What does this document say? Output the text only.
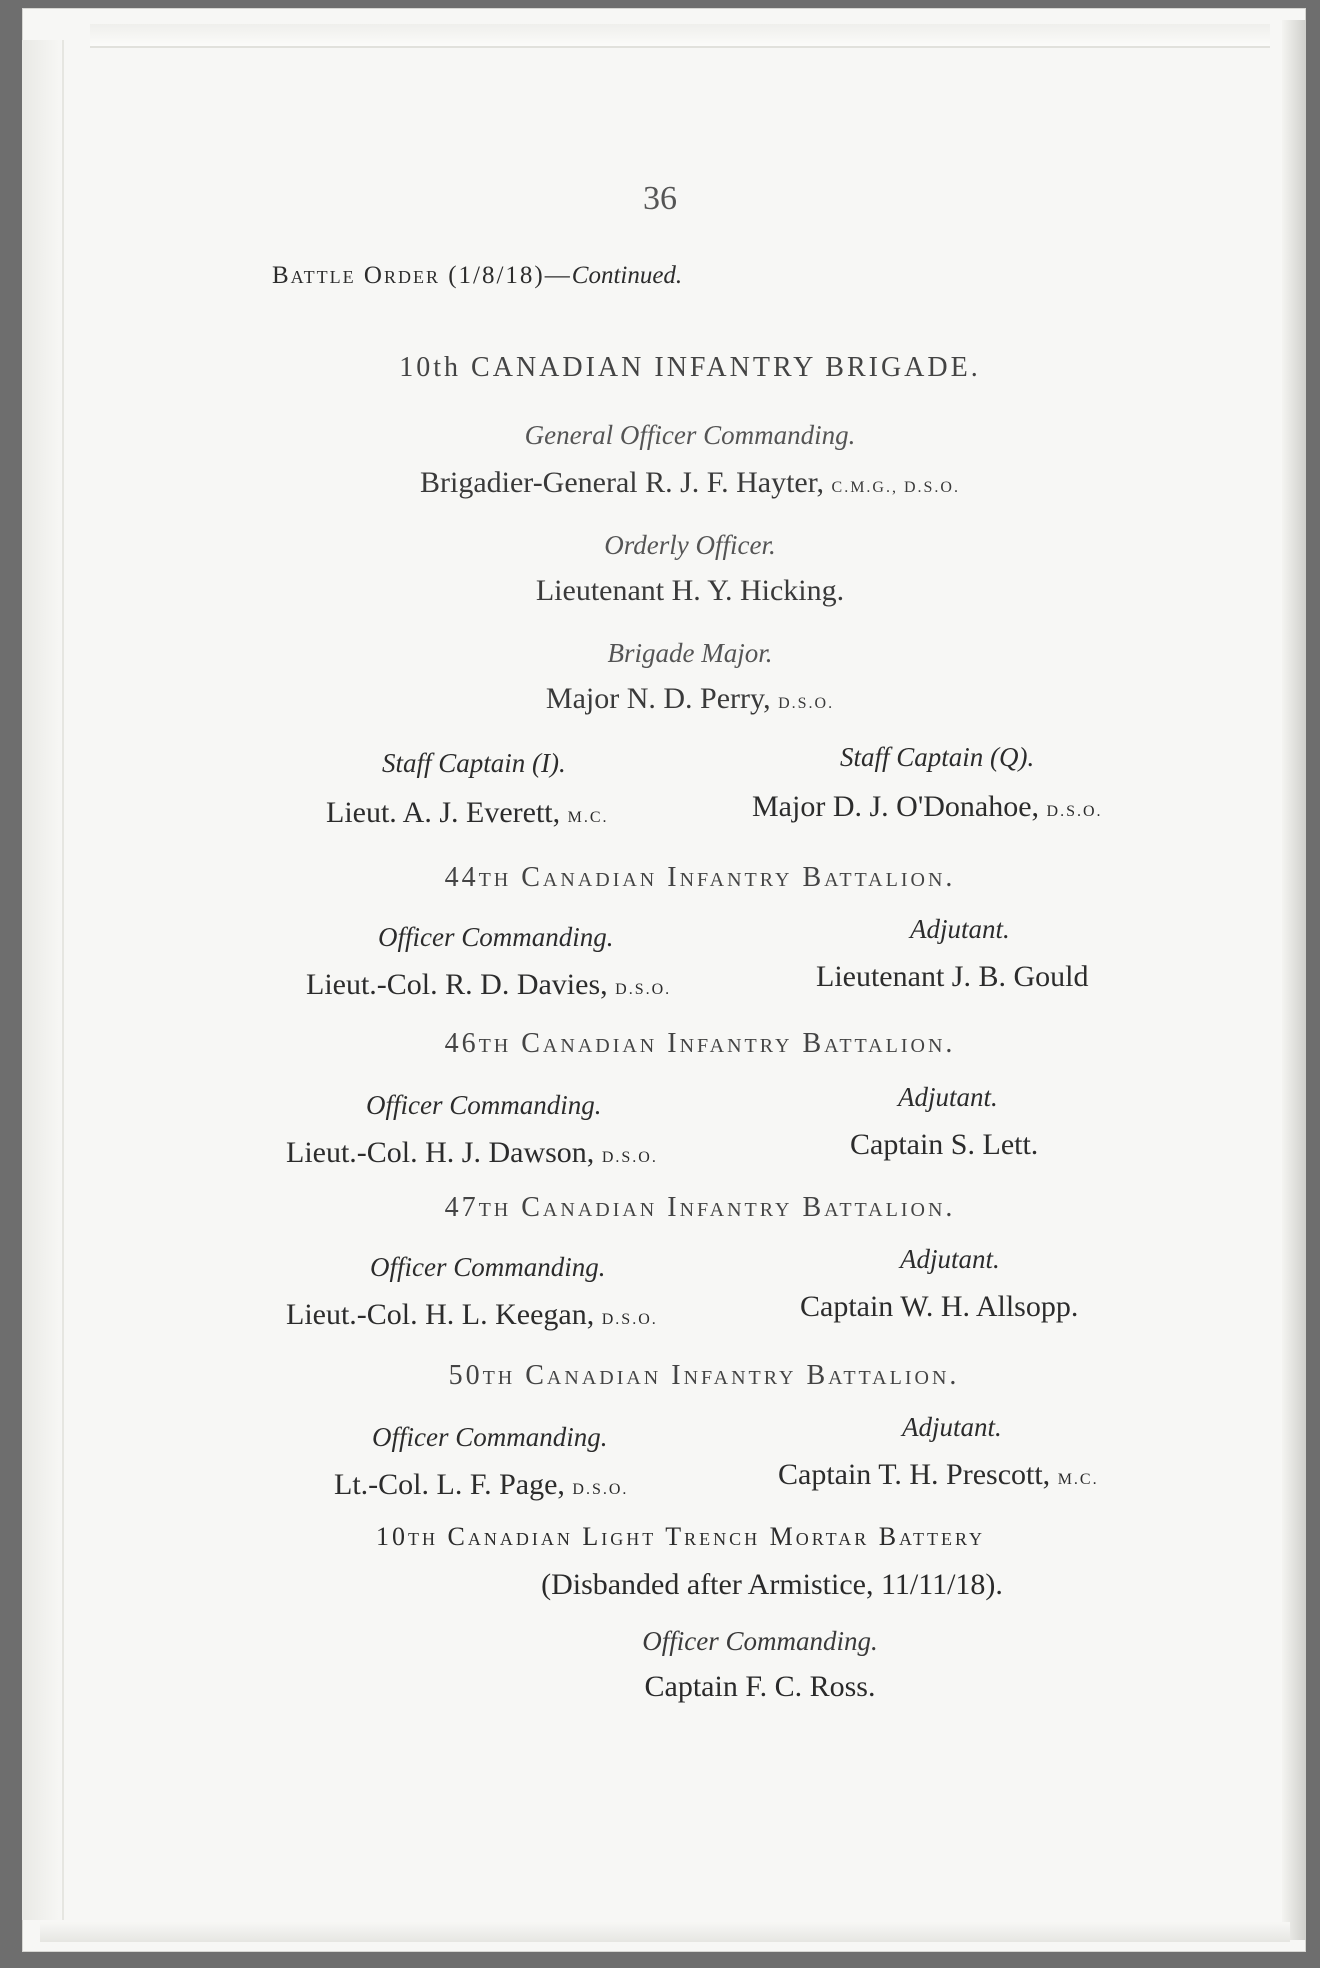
36
Battle Order (1/8/18)—Continued.
10th CANADIAN INFANTRY BRIGADE.
General Officer Commanding.
Brigadier-General R. J. F. Hayter, C.M.G., D.S.O.
Orderly Officer.
Lieutenant H. Y. Hicking.
Brigade Major.
Major N. D. Perry, D.S.O.
Staff Captain (I).	Staff Captain (Q).
Lieut. A. J. Everett, M.C.	Major D. J. O'Donahoe, D.S.O.
44th Canadian Infantry Battalion.
Officer Commanding.	Adjutant.
Lieut.-Col. R. D. Davies, D.S.O.	Lieutenant J. B. Gould
46th Canadian Infantry Battalion.
Officer Commanding.	Adjutant.
Lieut.-Col. H. J. Dawson, D.S.O.	Captain S. Lett.
47th Canadian Infantry Battalion.
Officer Commanding.	Adjutant.
Lieut.-Col. H. L. Keegan, D.S.O.	Captain W. H. Allsopp.
50th Canadian Infantry Battalion.
Officer Commanding.	Adjutant.
Lt.-Col. L. F. Page, D.S.O.	Captain T. H. Prescott, M.C.
10th Canadian Light Trench Mortar Battery
(Disbanded after Armistice, 11/11/18).
Officer Commanding.
Captain F. C. Ross.
